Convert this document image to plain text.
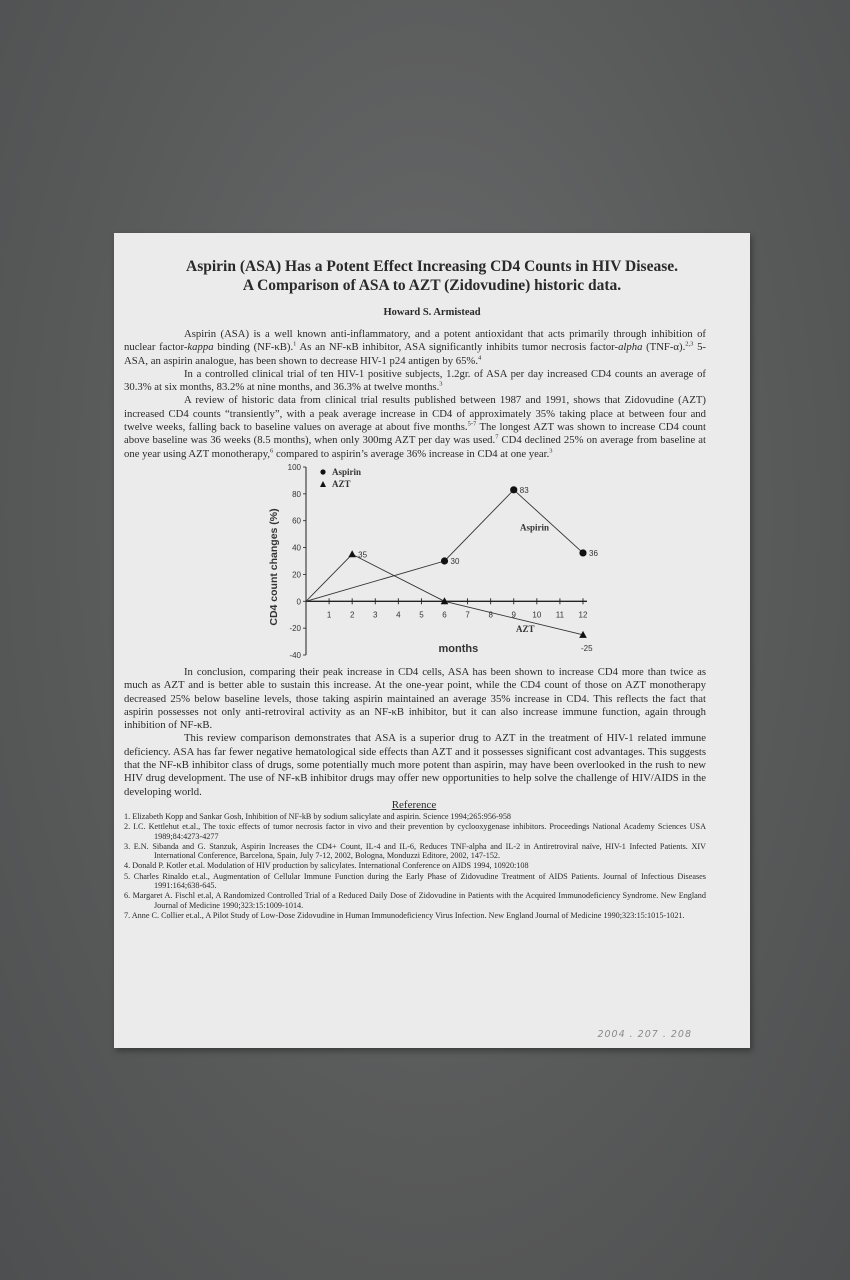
Aspirin (ASA) Has a Potent Effect Increasing CD4 Counts in HIV Disease.
A Comparison of ASA to AZT (Zidovudine) historic data.
Howard S. Armistead

Aspirin (ASA) is a well known anti-inflammatory, and a potent antioxidant that acts primarily through inhibition of nuclear factor-kappa binding (NF-κB).$^1$ As an NF-κB inhibitor, ASA significantly inhibits tumor necrosis factor-alpha (TNF-α).$^{2,3}$ 5-ASA, an aspirin analogue, has been shown to decrease HIV-1 p24 antigen by 65%.$^4$

In a controlled clinical trial of ten HIV-1 positive subjects, 1.2gr. of ASA per day increased CD4 counts an average of 30.3% at six months, 83.2% at nine months, and 36.3% at twelve months.$^3$

A review of historic data from clinical trial results published between 1987 and 1991, shows that Zidovudine (AZT) increased CD4 counts “transiently”, with a peak average increase in CD4 of approximately 35% taking place at between four and twelve weeks, falling back to baseline values on average at about five months.$^{5-7}$ The longest AZT was shown to increase CD4 count above baseline was 36 weeks (8.5 months), when only 300mg AZT per day was used.$^7$ CD4 declined 25% on average from baseline at one year using AZT monotherapy,$^6$ compared to aspirin’s average 36% increase in CD4 at one year.$^3$

100
80
60
40
20
0
-20
-40
1 2 3 4 5 6 7 8 9 10 11 12
CD4 count changes (%)
months
Aspirin
AZT
30
83
36
35
-25
Aspirin
AZT

In conclusion, comparing their peak increase in CD4 cells, ASA has been shown to increase CD4 more than twice as much as AZT and is better able to sustain this increase. At the one-year point, while the CD4 count of those on AZT monotherapy decreased 25% below baseline levels, those taking aspirin maintained an average 35% increase in CD4. This reflects the fact that aspirin possesses not only anti-retroviral activity as an NF-κB inhibitor, but it can also increase immune function, again through inhibition of NF-κB.

This review comparison demonstrates that ASA is a superior drug to AZT in the treatment of HIV-1 related immune deficiency. ASA has far fewer negative hematological side effects than AZT and it possesses significant cost advantages. This suggests that the NF-κB inhibitor class of drugs, some potentially much more potent than aspirin, may have been overlooked in the rush to new HIV drug development. The use of NF-κB inhibitor drugs may offer new opportunities to help solve the challenge of HIV/AIDS in the developing world.

Reference
1. Elizabeth Kopp and Sankar Gosh, Inhibition of NF-kB by sodium salicylate and aspirin. Science 1994;265:956-958
2. I.C. Kettlehut et.al., The toxic effects of tumor necrosis factor in vivo and their prevention by cyclooxygenase inhibitors. Proceedings National Academy Sciences USA 1989;84:4273-4277
3. E.N. Sibanda and G. Stanzuk, Aspirin Increases the CD4+ Count, IL-4 and IL-6, Reduces TNF-alpha and IL-2 in Antiretroviral naïve, HIV-1 Infected Patients. XIV International Conference, Barcelona, Spain, July 7-12, 2002, Bologna, Monduzzi Editore, 2002, 147-152.
4. Donald P. Kotler et.al. Modulation of HIV production by salicylates. International Conference on AIDS 1994, 10920:108
5. Charles Rinaldo et.al., Augmentation of Cellular Immune Function during the Early Phase of Zidovudine Treatment of AIDS Patients. Journal of Infectious Diseases 1991:164;638-645.
6. Margaret A. Fischl et.al, A Randomized Controlled Trial of a Reduced Daily Dose of Zidovudine in Patients with the Acquired Immunodeficiency Syndrome. New England Journal of Medicine 1990;323:15:1009-1014.
7. Anne C. Collier et.al., A Pilot Study of Low-Dose Zidovudine in Human Immunodeficiency Virus Infection. New England Journal of Medicine 1990;323:15:1015-1021.
2004 . 207 . 208
